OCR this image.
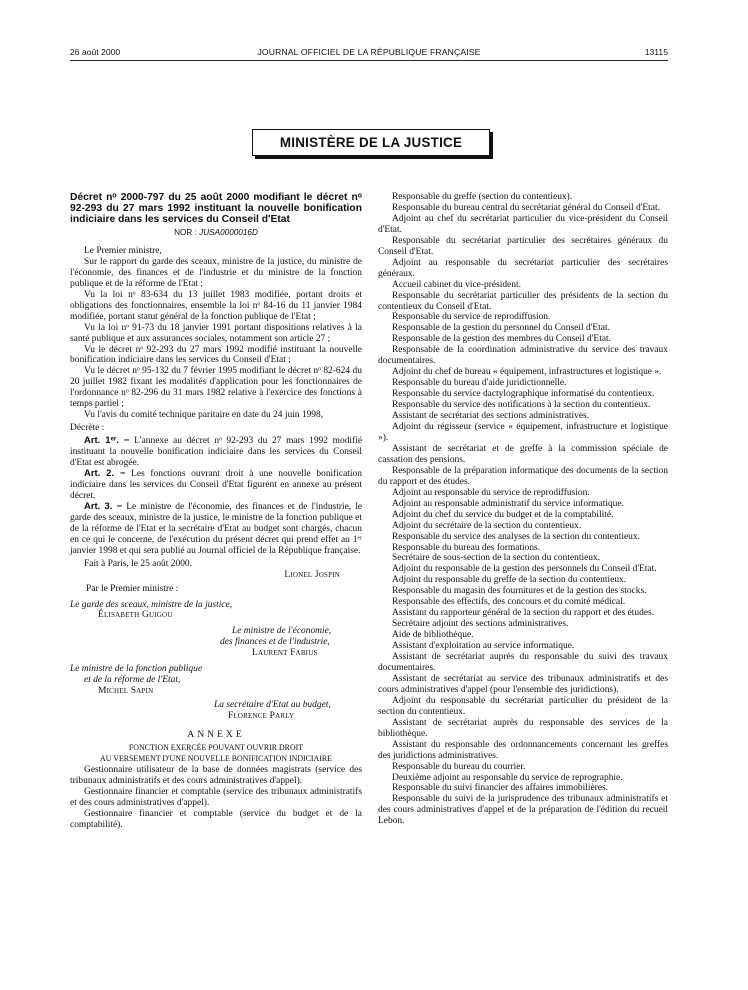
26 août 2000	JOURNAL OFFICIEL DE LA RÉPUBLIQUE FRANÇAISE	13115
MINISTÈRE DE LA JUSTICE
Décret nᵒ 2000-797 du 25 août 2000 modifiant le décret nᵒ 92-293 du 27 mars 1992 instituant la nouvelle bonification indiciaire dans les services du Conseil d'Etat
NOR : JUSA0000016D

Le Premier ministre,

Sur le rapport du garde des sceaux, ministre de la justice, du ministre de l'économie, des finances et de l'industrie et du ministre de la fonction publique et de la réforme de l'Etat ;

Vu la loi nᵒ 83-634 du 13 juillet 1983 modifiée, portant droits et obligations des fonctionnaires, ensemble la loi nᵒ 84-16 du 11 janvier 1984 modifiée, portant statut général de la fonction publique de l'Etat ;

Vu la loi nᵒ 91-73 du 18 janvier 1991 portant dispositions relatives à la santé publique et aux assurances sociales, notamment son article 27 ;

Vu le décret nᵒ 92-293 du 27 mars 1992 modifié instituant la nouvelle bonification indiciaire dans les services du Conseil d'Etat ;

Vu le décret nᵒ 95-132 du 7 février 1995 modifiant le décret nᵒ 82-624 du 20 juillet 1982 fixant les modalités d'application pour les fonctionnaires de l'ordonnance nᵒ 82-296 du 31 mars 1982 relative à l'exercice des fonctions à temps partiel ;

Vu l'avis du comité technique paritaire en date du 24 juin 1998,

Décrète :

Art. 1ᵉʳ. − L'annexe au décret nᵒ 92-293 du 27 mars 1992 modifié instituant la nouvelle bonification indiciaire dans les services du Conseil d'Etat est abrogée.

Art. 2. − Les fonctions ouvrant droit à une nouvelle bonification indiciaire dans les services du Conseil d'Etat figurent en annexe au présent décret.

Art. 3. − Le ministre de l'économie, des finances et de l'industrie, le garde des sceaux, ministre de la justice, le ministre de la fonction publique et de la réforme de l'Etat et la secrétaire d'Etat au budget sont chargés, chacun en ce qui le concerne, de l'exécution du présent décret qui prend effet au 1ᵉʳ janvier 1998 et qui sera publié au Journal officiel de la République française.

Fait à Paris, le 25 août 2000.

Lionel Jospin
Par le Premier ministre :
Le garde des sceaux, ministre de la justice,
Élisabeth Guigou
Le ministre de l'économie,
des finances et de l'industrie,
Laurent Fabius
Le ministre de la fonction publique
et de la réforme de l'Etat,
Michel Sapin
La secrétaire d'Etat au budget,
Florence Parly
ANNEXE
FONCTION EXERCÉE POUVANT OUVRIR DROIT
AU VERSEMENT D'UNE NOUVELLE BONIFICATION INDICIAIRE

Gestionnaire utilisateur de la base de données magistrats (service des tribunaux administratifs et des cours administratives d'appel).

Gestionnaire financier et comptable (service des tribunaux administratifs et des cours administratives d'appel).

Gestionnaire financier et comptable (service du budget et de la comptabilité).

Responsable du greffe (section du contentieux).

Responsable du bureau central du secrétariat général du Conseil d'Etat.

Adjoint au chef du secrétariat particulier du vice-président du Conseil d'Etat.

Responsable du secrétariat particulier des secrétaires généraux du Conseil d'Etat.

Adjoint au responsable du secrétariat particulier des secrétaires généraux.

Accueil cabinet du vice-président.

Responsable du secrétariat particulier des présidents de la section du contentieux du Conseil d'Etat.

Responsable du service de reprodiffusion.

Responsable de la gestion du personnel du Conseil d'Etat.

Responsable de la gestion des membres du Conseil d'Etat.

Responsable de la coordination administrative du service des travaux documentaires.

Adjoint du chef de bureau « équipement, infrastructures et logistique ».

Responsable du bureau d'aide juridictionnelle.

Responsable du service dactylographique informatisé du contentieux.

Responsable du service des notifications à la section du contentieux.

Assistant de secrétariat des sections administratives.

Adjoint du régisseur (service « équipement, infrastructure et logistique »).

Assistant de secrétariat et de greffe à la commission spéciale de cassation des pensions.

Responsable de la préparation informatique des documents de la section du rapport et des études.

Adjoint au responsable du service de reprodiffusion.

Adjoint au responsable administratif du service informatique.

Adjoint du chef du service du budget et de la comptabilité.

Adjoint du secrétaire de la section du contentieux.

Responsable du service des analyses de la section du contentieux.

Responsable du bureau des formations.

Secrétaire de sous-section de la section du contentieux.

Adjoint du responsable de la gestion des personnels du Conseil d'Etat.

Adjoint du responsable du greffe de la section du contentieux.

Responsable du magasin des fournitures et de la gestion des stocks.

Responsable des effectifs, des concours et du comité médical.

Assistant du rapporteur général de la section du rapport et des études.

Secrétaire adjoint des sections administratives.

Aide de bibliothèque.

Assistant d'exploitation au service informatique.

Assistant de secrétariat auprès du responsable du suivi des travaux documentaires.

Assistant de secrétariat au service des tribunaux administratifs et des cours administratives d'appel (pour l'ensemble des juridictions).

Adjoint du responsable du secrétariat particulier du président de la section du contentieux.

Assistant de secrétariat auprès du responsable des services de la bibliothèque.

Assistant du responsable des ordonnancements concernant les greffes des juridictions administratives.

Responsable du bureau du courrier.

Deuxième adjoint au responsable du service de reprographie.

Responsable du suivi financier des affaires immobilières.

Responsable du suivi de la jurisprudence des tribunaux administratifs et des cours administratives d'appel et de la préparation de l'édition du recueil Lebon.
